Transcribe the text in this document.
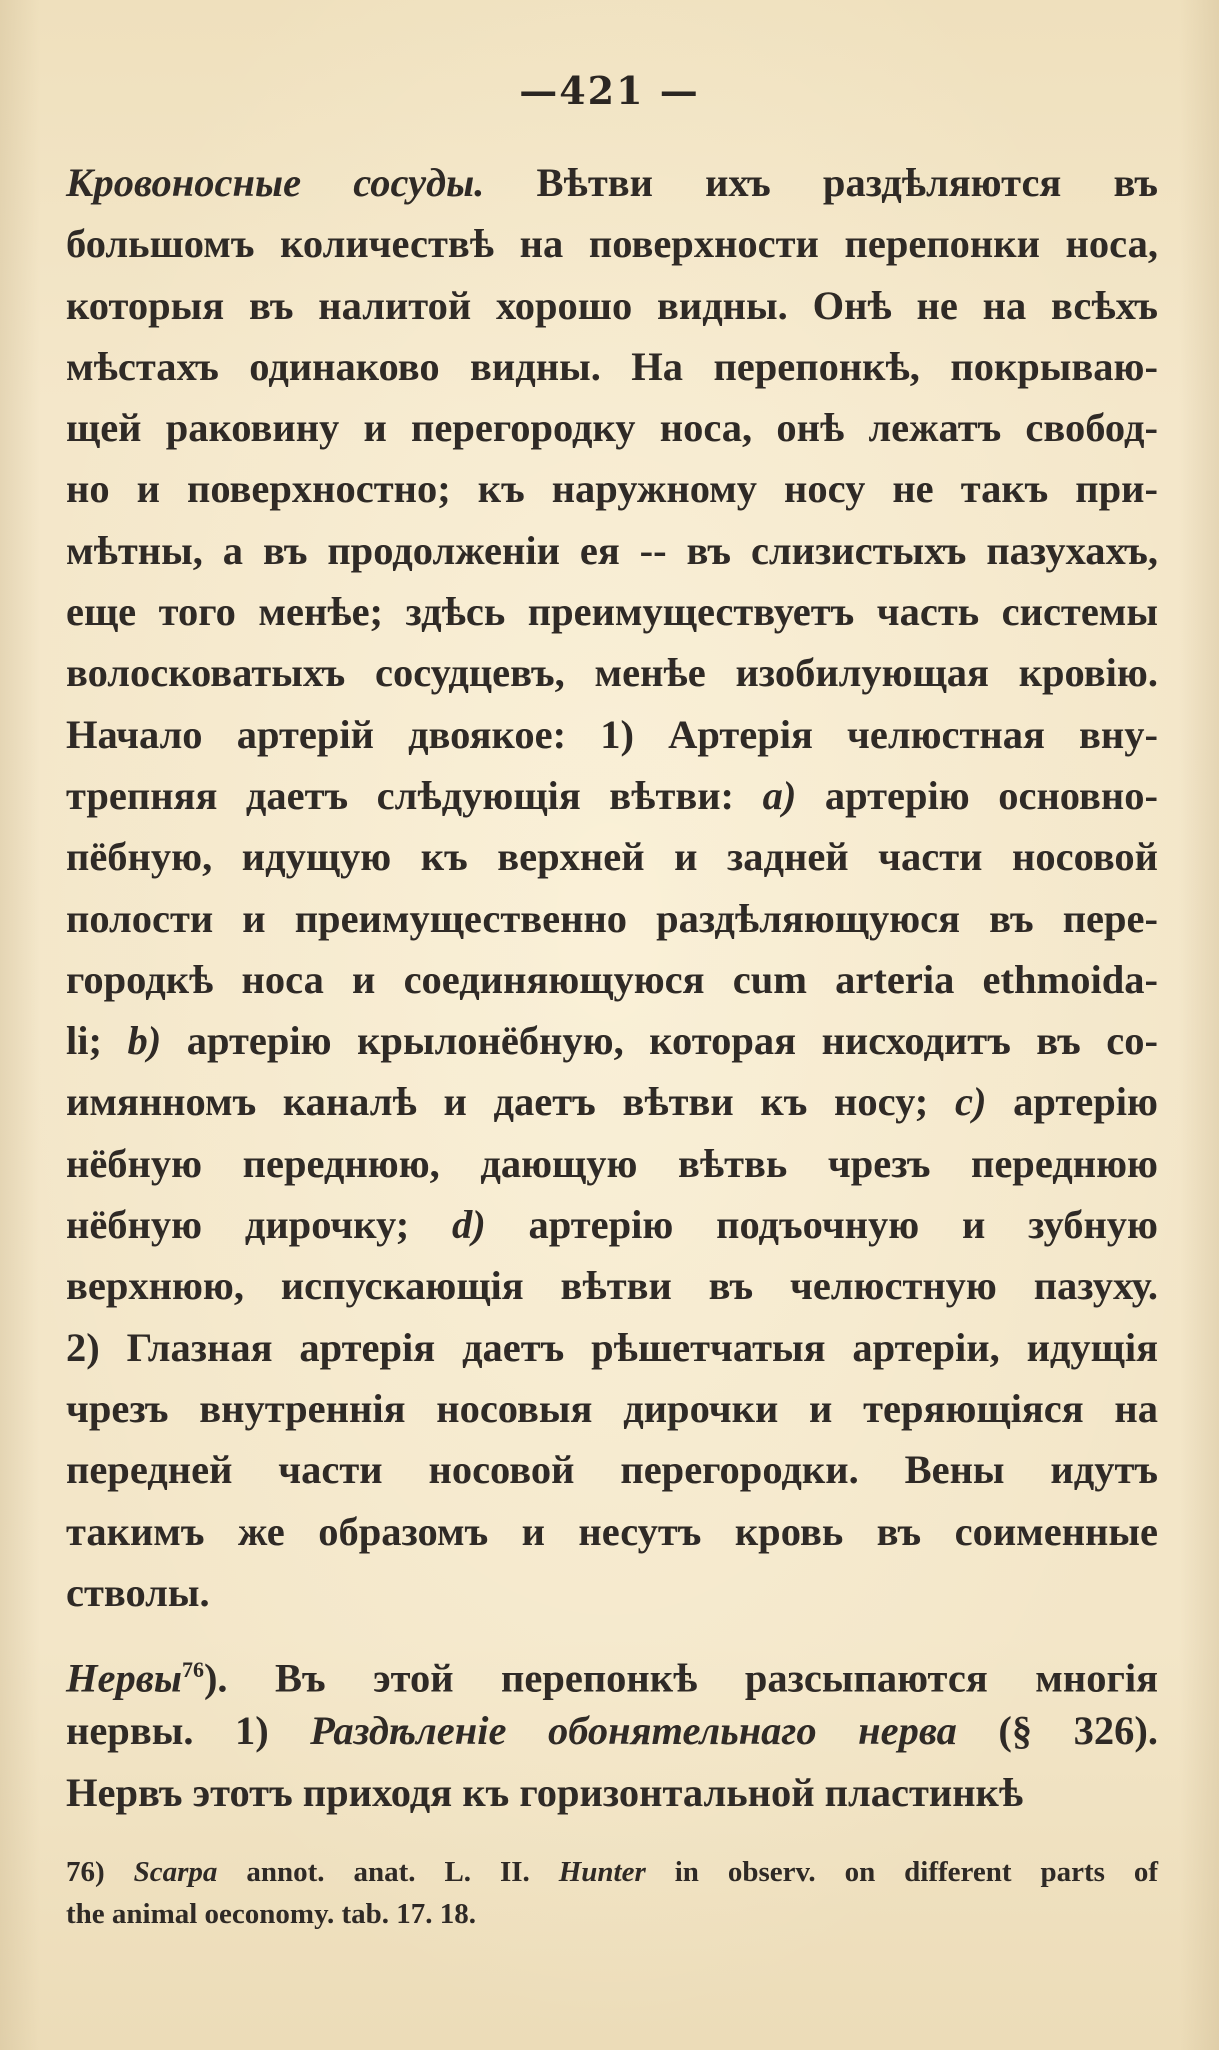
—421 —
Кровоносные сосуды. Вѣтви ихъ раздѣляются въ
большомъ количествѣ на поверхности перепонки носа,
которыя въ налитой хорошо видны. Онѣ не на всѣхъ
мѣстахъ одинаково видны. На перепонкѣ, покрываю-
щей раковину и перегородку носа, онѣ лежатъ свобод-
но и поверхностно; къ наружному носу не такъ при-
мѣтны, а въ продолженіи ея -- въ слизистыхъ пазухахъ,
еще того менѣе; здѣсь преимуществуетъ часть системы
волосковатыхъ сосудцевъ, менѣе изобилующая кровію.
Начало артерій двоякое: 1) Артерія челюстная вну-
трепняя даетъ слѣдующія вѣтви: a) артерію основно-
пёбную, идущую къ верхней и задней части носовой
полости и преимущественно раздѣляющуюся въ пере-
городкѣ носа и соединяющуюся cum arteria ethmoida-
li; b) артерію крылонёбную, которая нисходитъ въ со-
имянномъ каналѣ и даетъ вѣтви къ носу; c) артерію
нёбную переднюю, дающую вѣтвь чрезъ переднюю
нёбную дирочку; d) артерію подъочную и зубную
верхнюю, испускающія вѣтви въ челюстную пазуху.
2) Глазная артерія даетъ рѣшетчатыя артеріи, идущія
чрезъ внутреннія носовыя дирочки и теряющіяся на
передней части носовой перегородки. Вены идутъ
такимъ же образомъ и несутъ кровь въ соименные
стволы.
Нервы$^{76}$). Въ этой перепонкѣ разсыпаются многія
нервы. 1) Раздѣленіе обонятельнаго нерва (§ 326).
Нервъ этотъ приходя къ горизонтальной пластинкѣ
76) Scarpa annot. anat. L. II. Hunter in observ. on different parts of
the animal oeconomy. tab. 17. 18.
